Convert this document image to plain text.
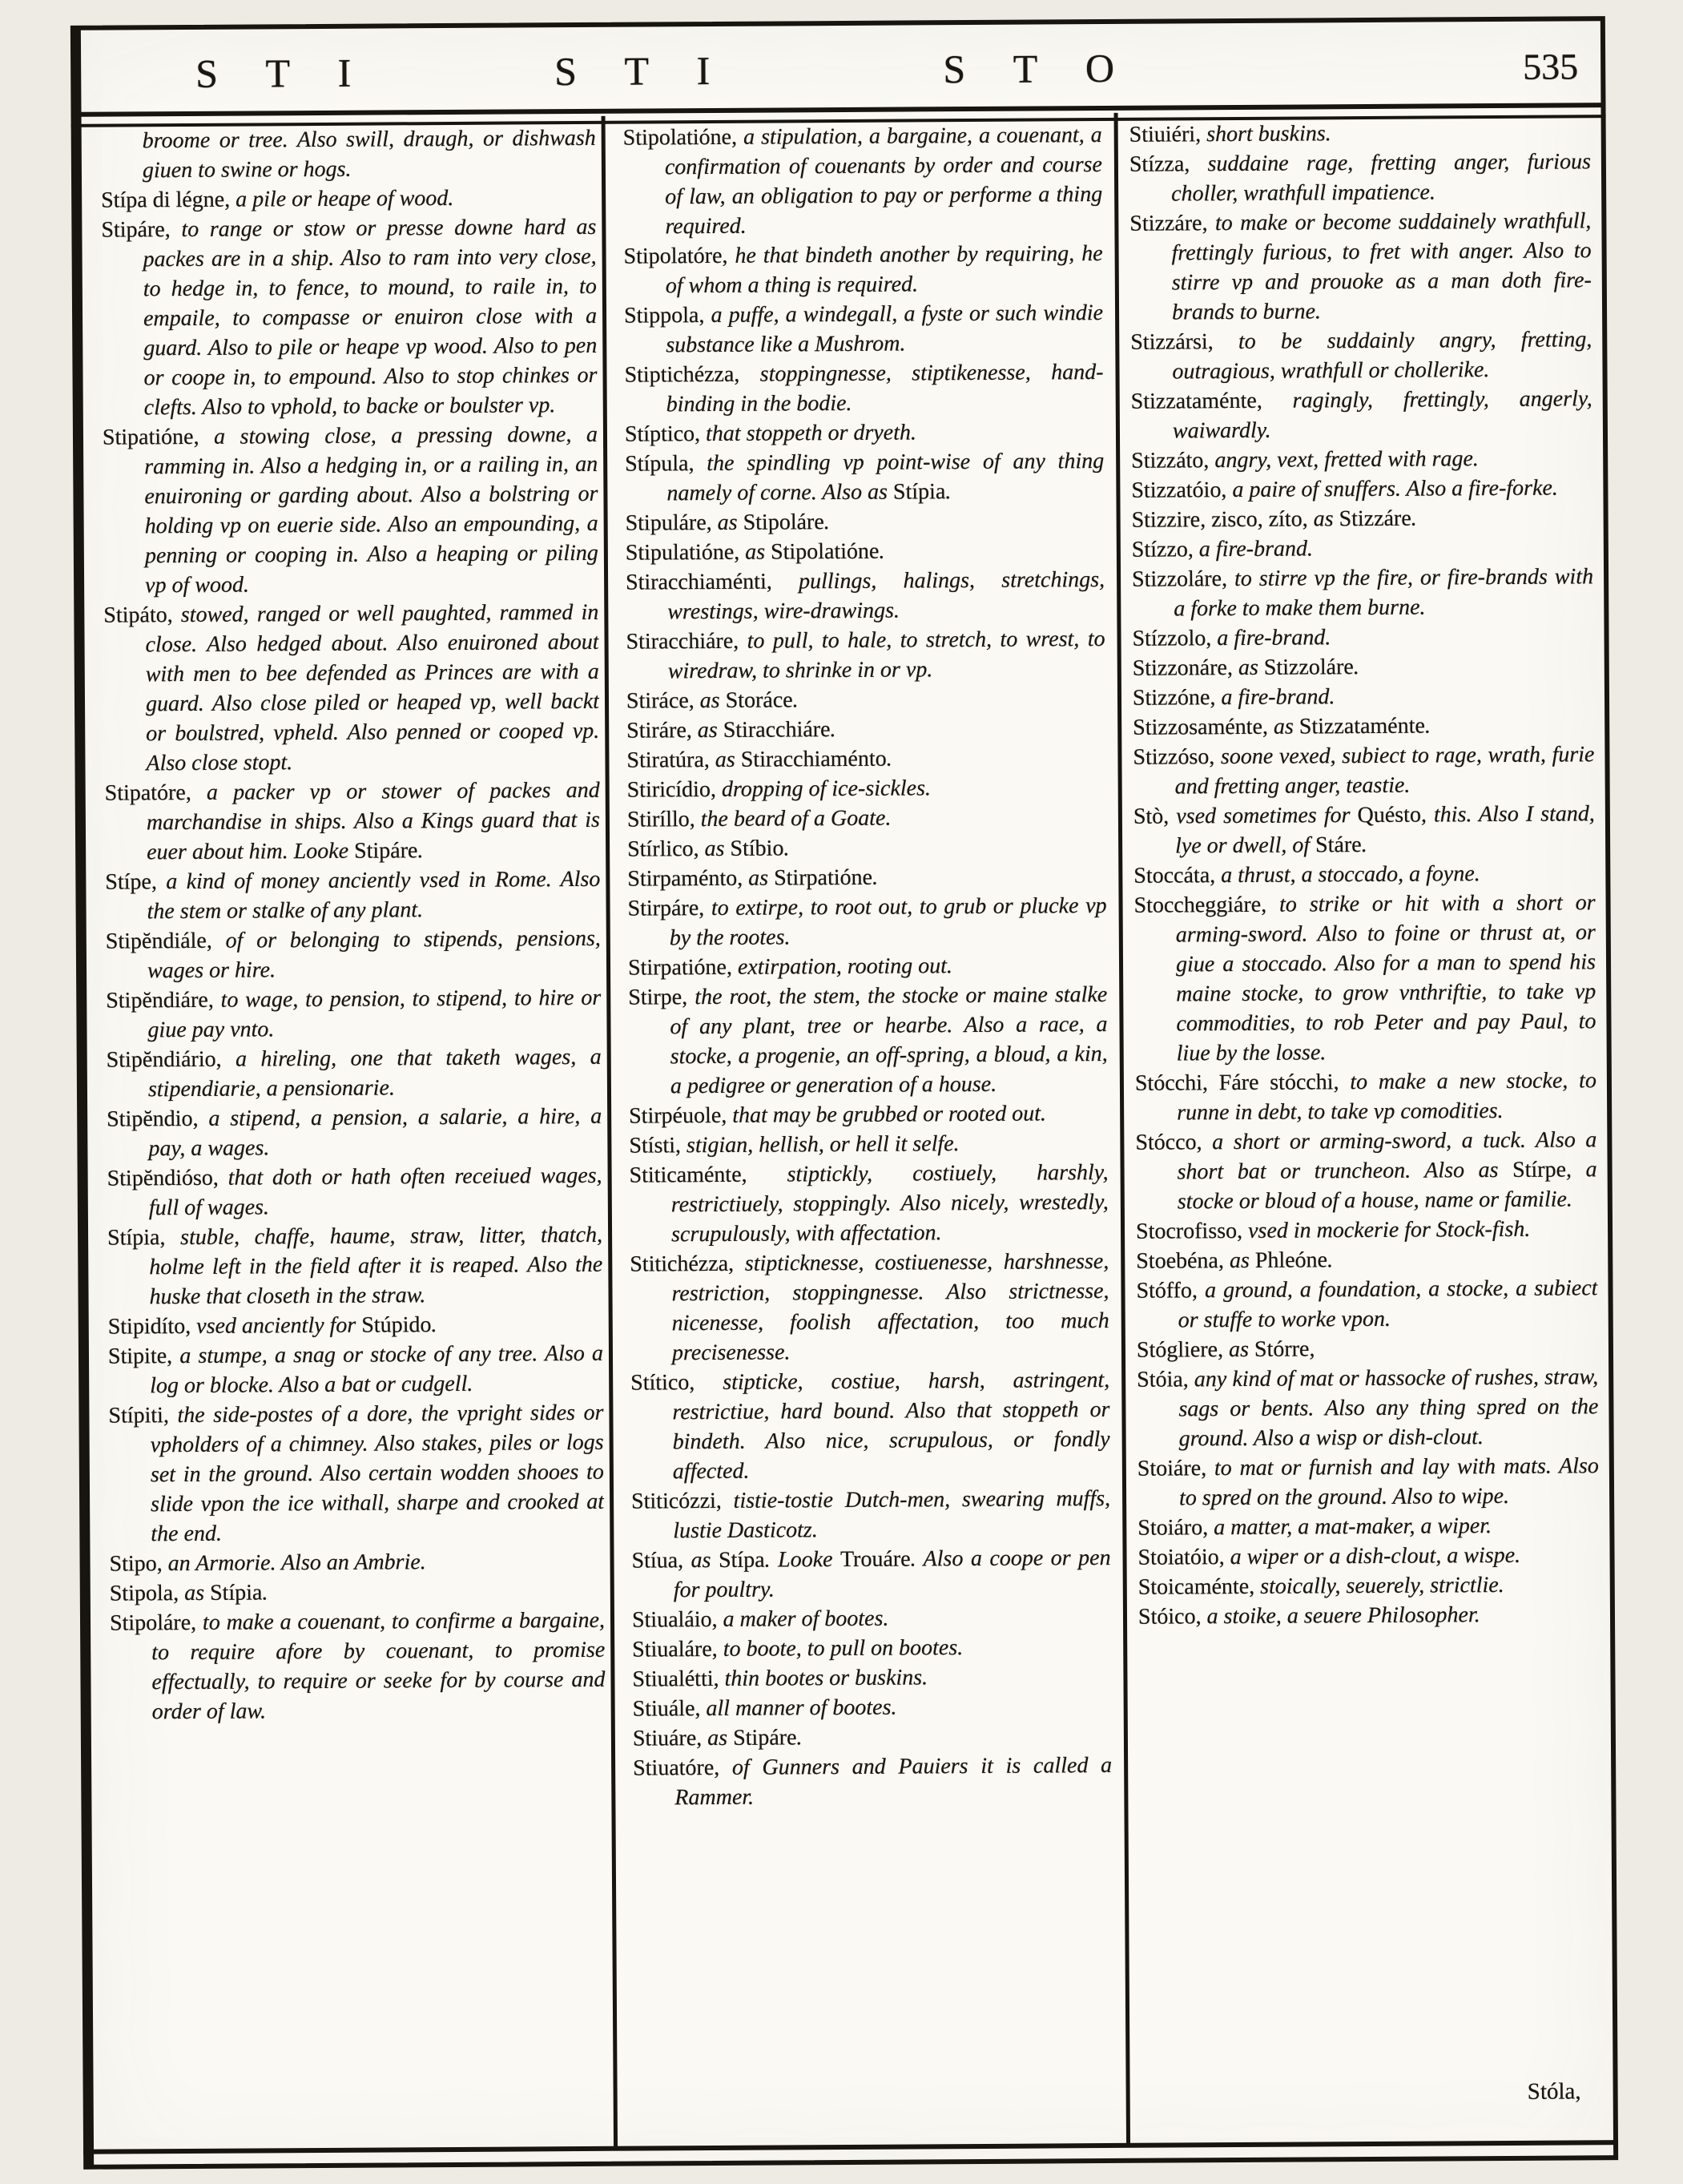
S T I	S T I	S T O	535

broome or tree. Also swill, draugh, or dishwash giuen to swine or hogs.

Stípa di légne, a pile or heape of wood.

Stipáre, to range or stow or presse downe hard as packes are in a ship. Also to ram into very close, to hedge in, to fence, to mound, to raile in, to empaile, to compasse or enuiron close with a guard. Also to pile or heape vp wood. Also to pen or coope in, to empound. Also to stop chinkes or clefts. Also to vphold, to backe or boulster vp.

Stipatióne, a stowing close, a pressing downe, a ramming in. Also a hedging in, or a railing in, an enuironing or garding about. Also a bolstring or holding vp on euerie side. Also an empounding, a penning or cooping in. Also a heaping or piling vp of wood.

Stipáto, stowed, ranged or well paughted, rammed in close. Also hedged about. Also enuironed about with men to bee defended as Princes are with a guard. Also close piled or heaped vp, well backt or boulstred, vpheld. Also penned or cooped vp. Also close stopt.

Stipatóre, a packer vp or stower of packes and marchandise in ships. Also a Kings guard that is euer about him. Looke Stipáre.

Stípe, a kind of money anciently vsed in Rome. Also the stem or stalke of any plant.

Stipĕndiále, of or belonging to stipends, pensions, wages or hire.

Stipĕndiáre, to wage, to pension, to stipend, to hire or giue pay vnto.

Stipĕndiário, a hireling, one that taketh wages, a stipendiarie, a pensionarie.

Stipĕndio, a stipend, a pension, a salarie, a hire, a pay, a wages.

Stipĕndióso, that doth or hath often receiued wages, full of wages.

Stípia, stuble, chaffe, haume, straw, litter, thatch, holme left in the field after it is reaped. Also the huske that closeth in the straw.

Stipidíto, vsed anciently for Stúpido.

Stipite, a stumpe, a snag or stocke of any tree. Also a log or blocke. Also a bat or cudgell.

Stípiti, the side-postes of a dore, the vpright sides or vpholders of a chimney. Also stakes, piles or logs set in the ground. Also certain wodden shooes to slide vpon the ice withall, sharpe and crooked at the end.

Stipo, an Armorie. Also an Ambrie.

Stipola, as Stípia.

Stipoláre, to make a couenant, to confirme a bargaine, to require afore by couenant, to promise effectually, to require or seeke for by course and order of law.

Stipolatióne, a stipulation, a bargaine, a couenant, a confirmation of couenants by order and course of law, an obligation to pay or performe a thing required.

Stipolatóre, he that bindeth another by requiring, he of whom a thing is required.

Stippola, a puffe, a windegall, a fyste or such windie substance like a Mushrom.

Stiptichézza, stoppingnesse, stiptikenesse, hand-binding in the bodie.

Stíptico, that stoppeth or dryeth.

Stípula, the spindling vp point-wise of any thing namely of corne. Also as Stípia.

Stipuláre, as Stipoláre.

Stipulatióne, as Stipolatióne.

Stiracchiaménti, pullings, halings, stretchings, wrestings, wire-drawings.

Stiracchiáre, to pull, to hale, to stretch, to wrest, to wiredraw, to shrinke in or vp.

Stiráce, as Storáce.

Stiráre, as Stiracchiáre.

Stiratúra, as Stiracchiaménto.

Stiricídio, dropping of ice-sickles.

Stiríllo, the beard of a Goate.

Stírlico, as Stíbio.

Stirpaménto, as Stirpatióne.

Stirpáre, to extirpe, to root out, to grub or plucke vp by the rootes.

Stirpatióne, extirpation, rooting out.

Stirpe, the root, the stem, the stocke or maine stalke of any plant, tree or hearbe. Also a race, a stocke, a progenie, an off-spring, a bloud, a kin, a pedigree or generation of a house.

Stirpéuole, that may be grubbed or rooted out.

Stísti, stigian, hellish, or hell it selfe.

Stiticaménte, stiptickly, costiuely, harshly, restrictiuely, stoppingly. Also nicely, wrestedly, scrupulously, with affectation.

Stitichézza, stipticknesse, costiuenesse, harshnesse, restriction, stoppingnesse. Also strictnesse, nicenesse, foolish affectation, too much precisenesse.

Stítico, stipticke, costiue, harsh, astringent, restrictiue, hard bound. Also that stoppeth or bindeth. Also nice, scrupulous, or fondly affected.

Stiticózzi, tistie-tostie Dutch-men, swearing muffs, lustie Dasticotz.

Stíua, as Stípa. Looke Trouáre. Also a coope or pen for poultry.

Stiualáio, a maker of bootes.

Stiualáre, to boote, to pull on bootes.

Stiualétti, thin bootes or buskins.

Stiuále, all manner of bootes.

Stiuáre, as Stipáre.

Stiuatóre, of Gunners and Pauiers it is called a Rammer.

Stiuiéri, short buskins.

Stízza, suddaine rage, fretting anger, furious choller, wrathfull impatience.

Stizzáre, to make or become suddainely wrathfull, frettingly furious, to fret with anger. Also to stirre vp and prouoke as a man doth fire-brands to burne.

Stizzársi, to be suddainly angry, fretting, outragious, wrathfull or chollerike.

Stizzataménte, ragingly, frettingly, angerly, waiwardly.

Stizzáto, angry, vext, fretted with rage.

Stizzatóio, a paire of snuffers. Also a fire-forke.

Stizzire, zisco, zíto, as Stizzáre.

Stízzo, a fire-brand.

Stizzoláre, to stirre vp the fire, or fire-brands with a forke to make them burne.

Stízzolo, a fire-brand.

Stizzonáre, as Stizzoláre.

Stizzóne, a fire-brand.

Stizzosaménte, as Stizzataménte.

Stizzóso, soone vexed, subiect to rage, wrath, furie and fretting anger, teastie.

Stò, vsed sometimes for Quésto, this. Also I stand, lye or dwell, of Stáre.

Stoccáta, a thrust, a stoccado, a foyne.

Stoccheggiáre, to strike or hit with a short or arming-sword. Also to foine or thrust at, or giue a stoccado. Also for a man to spend his maine stocke, to grow vnthriftie, to take vp commodities, to rob Peter and pay Paul, to liue by the losse.

Stócchi, Fáre stócchi, to make a new stocke, to runne in debt, to take vp comodities.

Stócco, a short or arming-sword, a tuck. Also a short bat or truncheon. Also as Stírpe, a stocke or bloud of a house, name or familie.

Stocrofisso, vsed in mockerie for Stock-fish.

Stoebéna, as Phleóne.

Stóffo, a ground, a foundation, a stocke, a subiect or stuffe to worke vpon.

Stógliere, as Stórre,

Stóia, any kind of mat or hassocke of rushes, straw, sags or bents. Also any thing spred on the ground. Also a wisp or dish-clout.

Stoiáre, to mat or furnish and lay with mats. Also to spred on the ground. Also to wipe.

Stoiáro, a matter, a mat-maker, a wiper.

Stoiatóio, a wiper or a dish-clout, a wispe.

Stoicaménte, stoically, seuerely, strictlie.

Stóico, a stoike, a seuere Philosopher.

Stóla,
